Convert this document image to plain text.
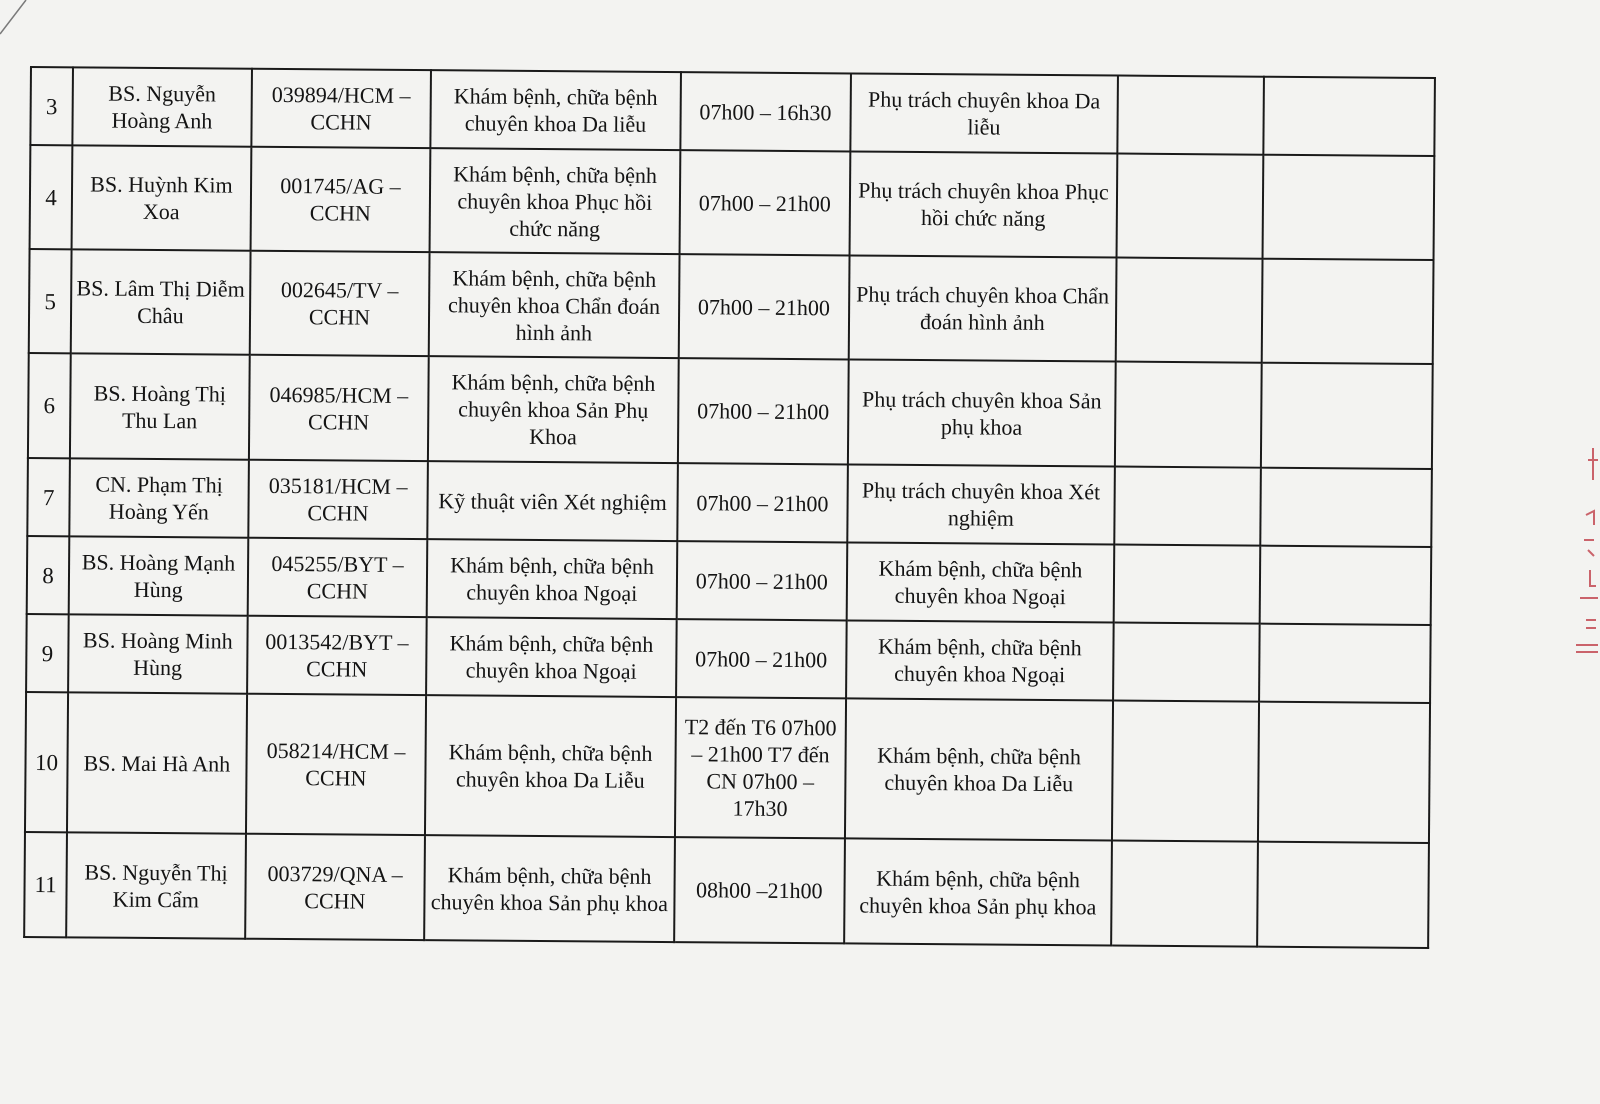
3	BS. Nguyễn Hoàng Anh	039894/HCM – CCHN	Khám bệnh, chữa bệnh chuyên khoa Da liễu	07h00 – 16h30	Phụ trách chuyên khoa Da liễu		
4	BS. Huỳnh Kim Xoa	001745/AG – CCHN	Khám bệnh, chữa bệnh chuyên khoa Phục hồi chức năng	07h00 – 21h00	Phụ trách chuyên khoa Phục hồi chức năng		
5	BS. Lâm Thị Diễm Châu	002645/TV – CCHN	Khám bệnh, chữa bệnh chuyên khoa Chẩn đoán hình ảnh	07h00 – 21h00	Phụ trách chuyên khoa Chẩn đoán hình ảnh		
6	BS. Hoàng Thị Thu Lan	046985/HCM – CCHN	Khám bệnh, chữa bệnh chuyên khoa Sản Phụ Khoa	07h00 – 21h00	Phụ trách chuyên khoa Sản phụ khoa		
7	CN. Phạm Thị Hoàng Yến	035181/HCM – CCHN	Kỹ thuật viên Xét nghiệm	07h00 – 21h00	Phụ trách chuyên khoa Xét nghiệm		
8	BS. Hoàng Mạnh Hùng	045255/BYT – CCHN	Khám bệnh, chữa bệnh chuyên khoa Ngoại	07h00 – 21h00	Khám bệnh, chữa bệnh chuyên khoa Ngoại		
9	BS. Hoàng Minh Hùng	0013542/BYT – CCHN	Khám bệnh, chữa bệnh chuyên khoa Ngoại	07h00 – 21h00	Khám bệnh, chữa bệnh chuyên khoa Ngoại		
10	BS. Mai Hà Anh	058214/HCM – CCHN	Khám bệnh, chữa bệnh chuyên khoa Da Liễu	T2 đến T6 07h00 – 21h00 T7 đến CN 07h00 – 17h30	Khám bệnh, chữa bệnh chuyên khoa Da Liễu		
11	BS. Nguyễn Thị Kim Cẩm	003729/QNA – CCHN	Khám bệnh, chữa bệnh chuyên khoa Sản phụ khoa	08h00 –21h00	Khám bệnh, chữa bệnh chuyên khoa Sản phụ khoa		
